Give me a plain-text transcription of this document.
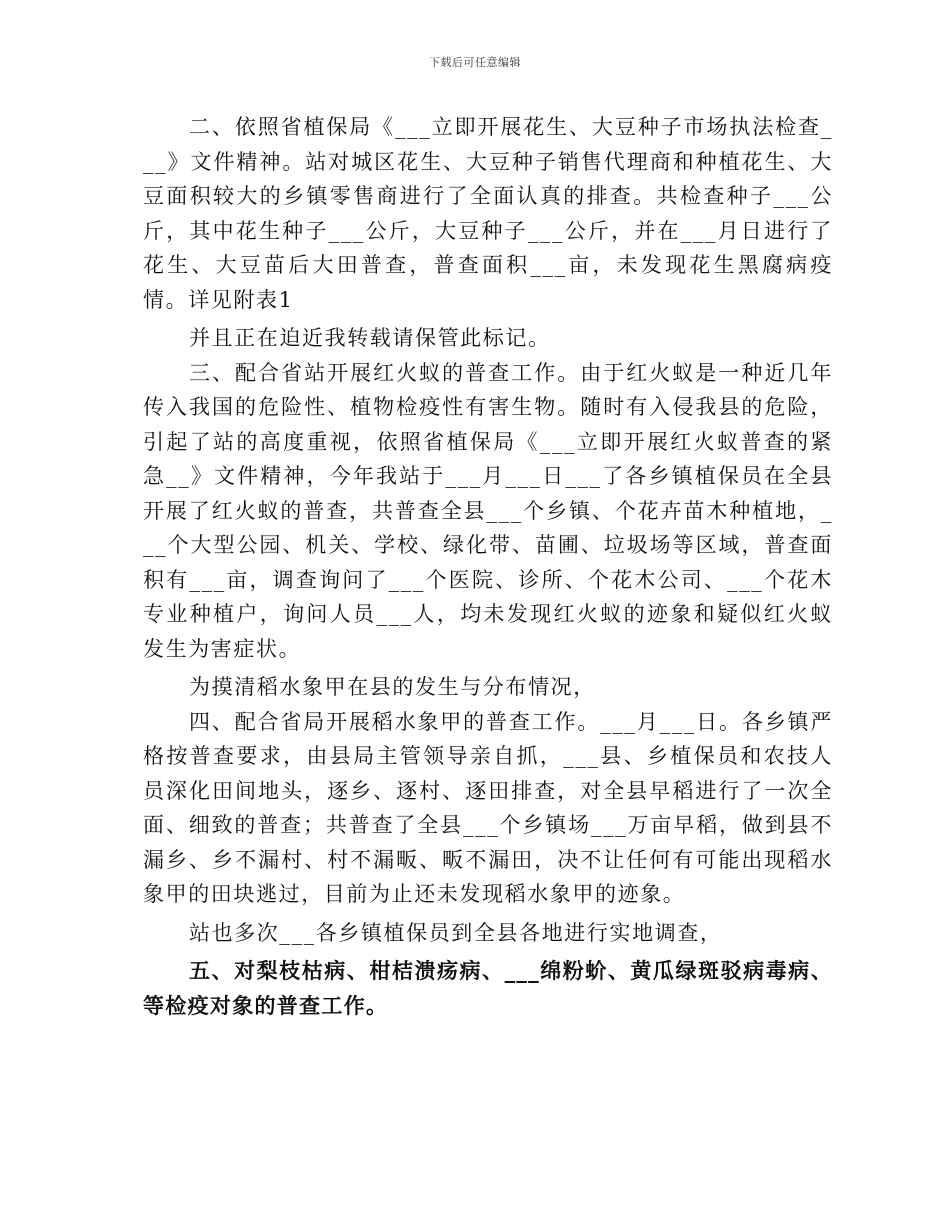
下载后可任意编辑

二、依照省植保局《___立即开展花生、大豆种子市场执法检查___》文件精神。站对城区花生、大豆种子销售代理商和种植花生、大豆面积较大的乡镇零售商进行了全面认真的排查。共检查种子___公斤，其中花生种子___公斤，大豆种子___公斤，并在___月日进行了花生、大豆苗后大田普查，普查面积___亩，未发现花生黑腐病疫情。详见附表1

并且正在迫近我转载请保管此标记。

三、配合省站开展红火蚁的普查工作。由于红火蚁是一种近几年传入我国的危险性、植物检疫性有害生物。随时有入侵我县的危险，引起了站的高度重视，依照省植保局《___立即开展红火蚁普查的紧急__》文件精神，今年我站于___月___日___了各乡镇植保员在全县开展了红火蚁的普查，共普查全县___个乡镇、个花卉苗木种植地，___个大型公园、机关、学校、绿化带、苗圃、垃圾场等区域，普查面积有___亩，调查询问了___个医院、诊所、个花木公司、___个花木专业种植户，询问人员___人，均未发现红火蚁的迹象和疑似红火蚁发生为害症状。

为摸清稻水象甲在县的发生与分布情况，

四、配合省局开展稻水象甲的普查工作。___月___日。各乡镇严格按普查要求，由县局主管领导亲自抓，___县、乡植保员和农技人员深化田间地头，逐乡、逐村、逐田排查，对全县早稻进行了一次全面、细致的普查；共普查了全县___个乡镇场___万亩早稻，做到县不漏乡、乡不漏村、村不漏畈、畈不漏田，决不让任何有可能出现稻水象甲的田块逃过，目前为止还未发现稻水象甲的迹象。

站也多次___各乡镇植保员到全县各地进行实地调查，

五、对梨枝枯病、柑桔溃疡病、___绵粉蚧、黄瓜绿斑驳病毒病、等检疫对象的普查工作。
